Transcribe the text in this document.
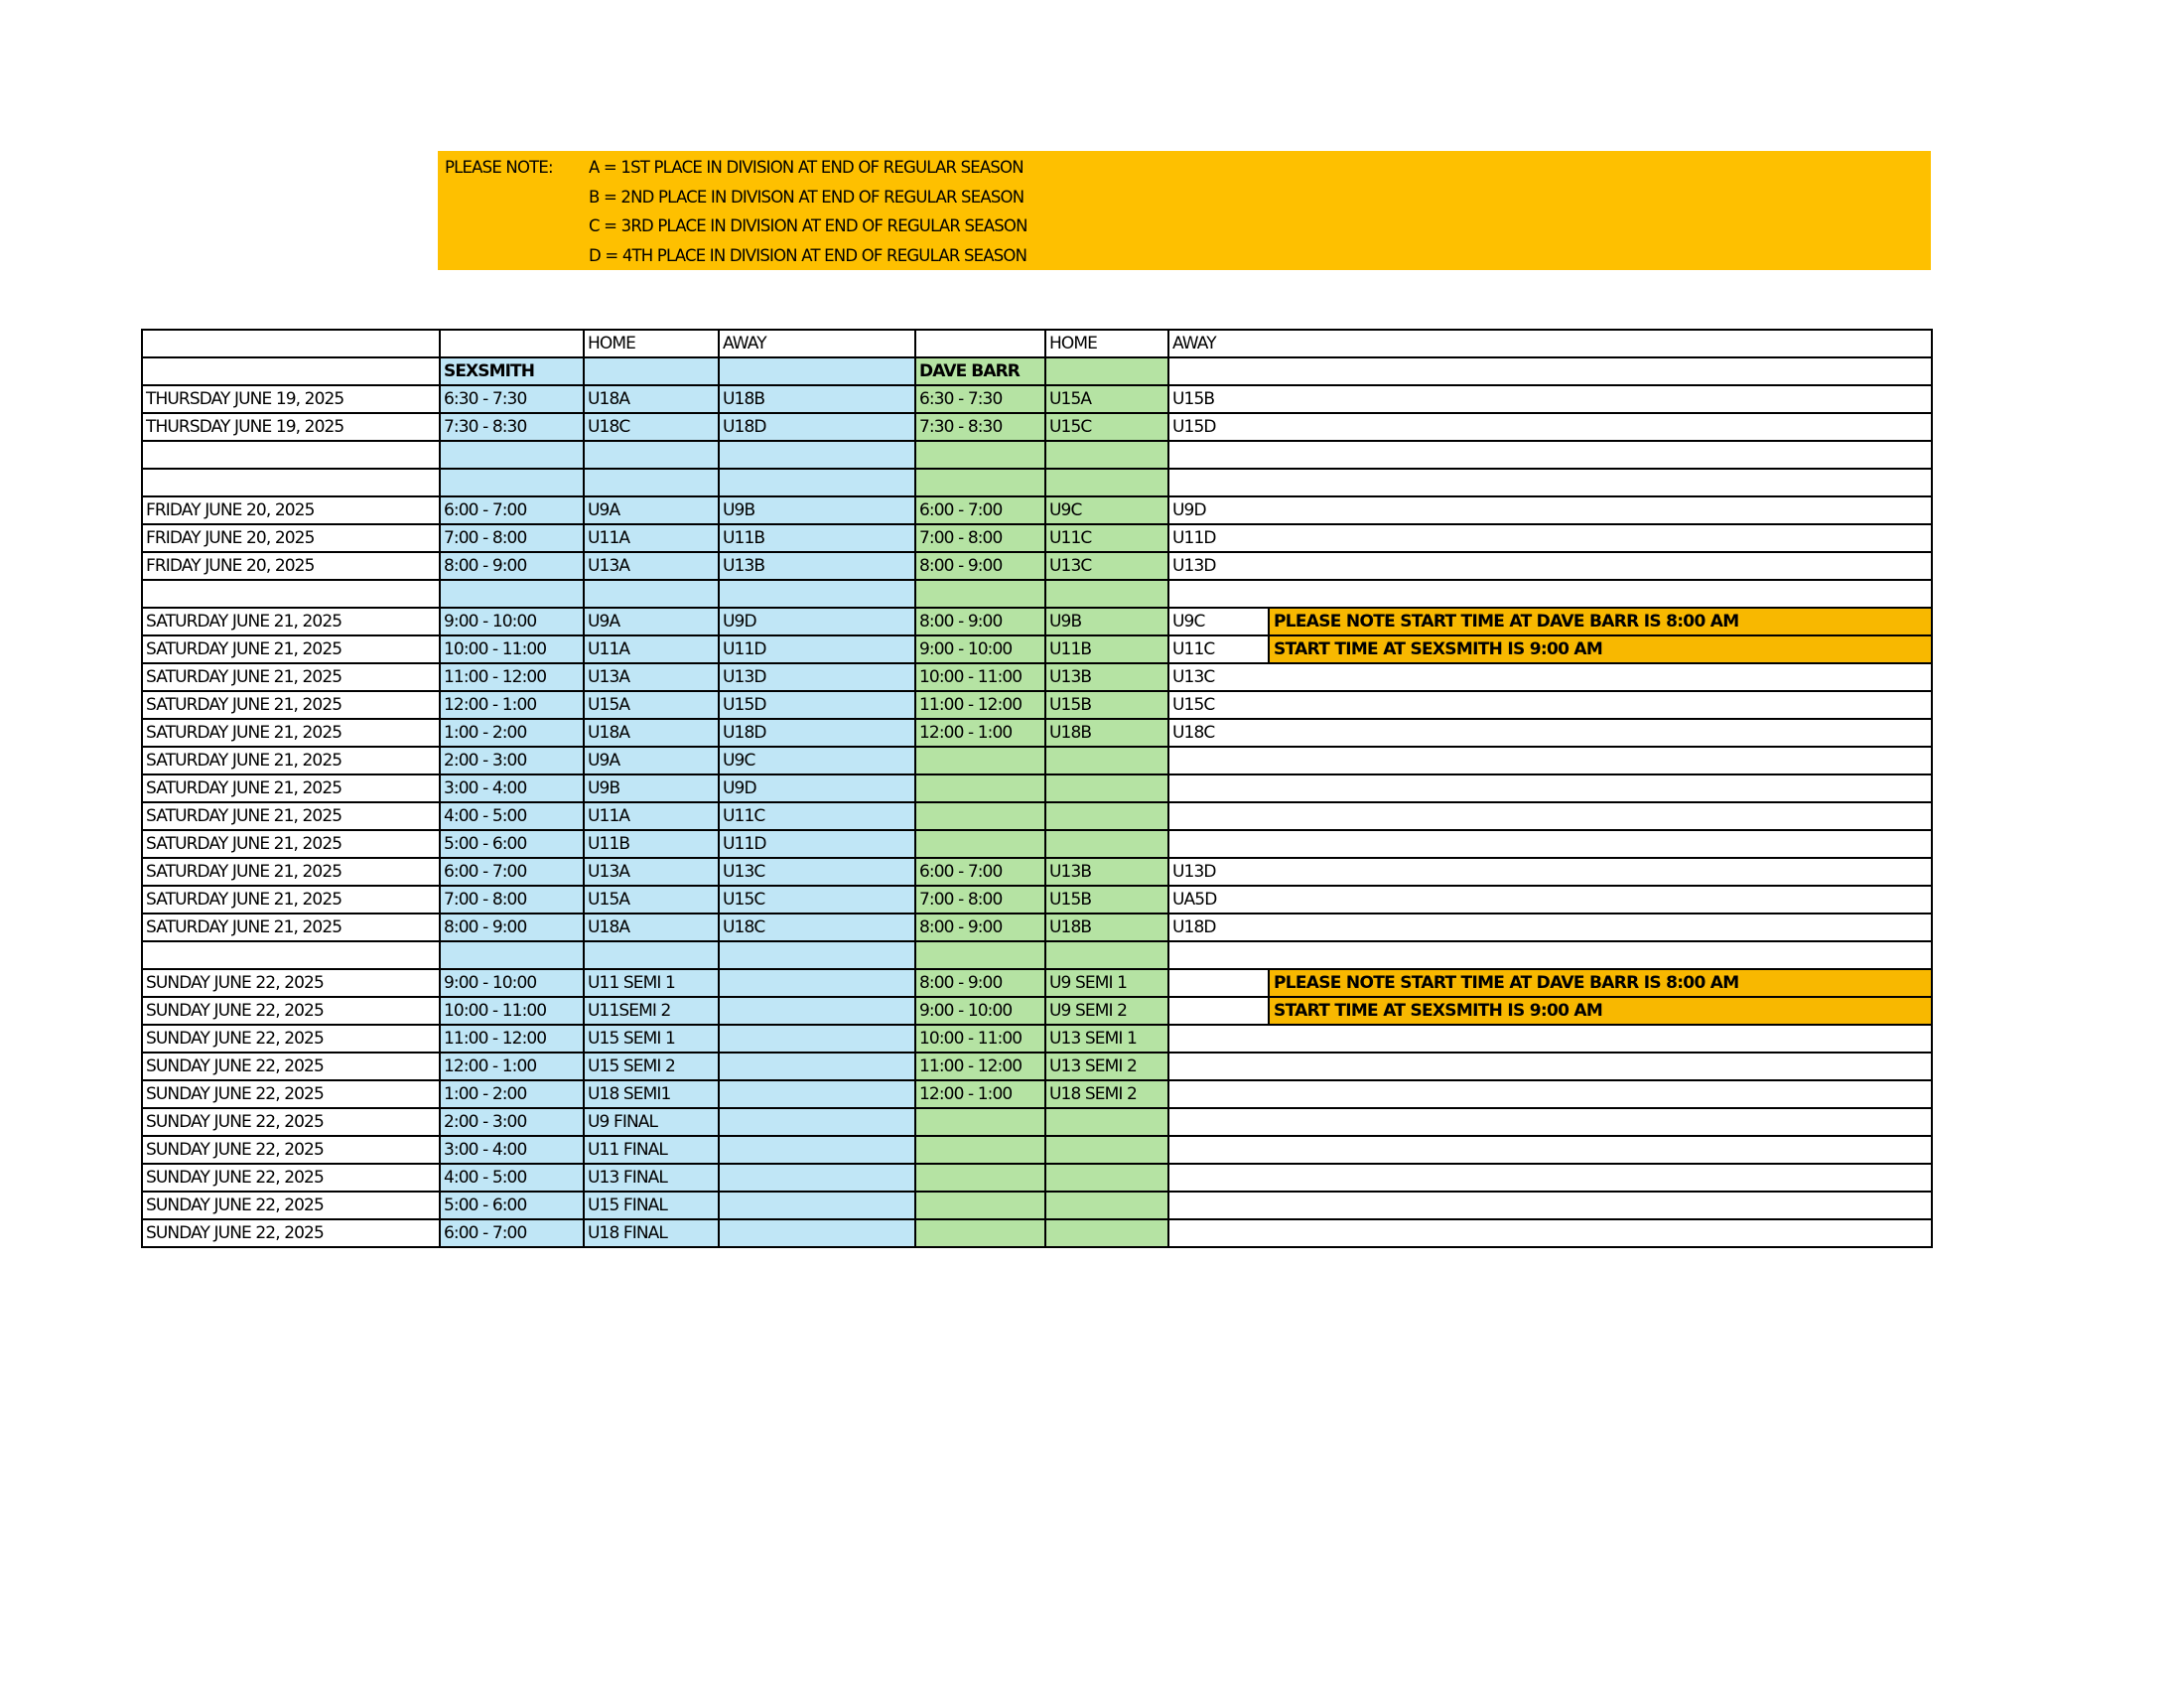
PLEASE NOTE:	A = 1ST PLACE IN DIVISION AT END OF REGULAR SEASON
B = 2ND PLACE IN DIVISON AT END OF REGULAR SEASON
C = 3RD PLACE IN DIVISION AT END OF REGULAR SEASON
D = 4TH PLACE IN DIVISION AT END OF REGULAR SEASON
		HOME	AWAY		HOME	AWAY
	SEXSMITH			DAVE BARR		
THURSDAY JUNE 19, 2025	6:30 - 7:30	U18A	U18B	6:30 - 7:30	U15A	U15B

THURSDAY JUNE 19, 2025	7:30 - 8:30	U18C	U18D	7:30 - 8:30	U15C	U15D

FRIDAY JUNE 20, 2025	6:00 - 7:00	U9A	U9B	6:00 - 7:00	U9C	U9D

FRIDAY JUNE 20, 2025	7:00 - 8:00	U11A	U11B	7:00 - 8:00	U11C	U11D

FRIDAY JUNE 20, 2025	8:00 - 9:00	U13A	U13B	8:00 - 9:00	U13C	U13D

SATURDAY JUNE 21, 2025	9:00 - 10:00	U9A	U9D	8:00 - 9:00	U9B	U9C PLEASE NOTE START TIME AT DAVE BARR IS 8:00 AM

SATURDAY JUNE 21, 2025	10:00 - 11:00	U11A	U11D	9:00 - 10:00	U11B	U11C START TIME AT SEXSMITH IS 9:00 AM

SATURDAY JUNE 21, 2025	11:00 - 12:00	U13A	U13D	10:00 - 11:00	U13B	U13C

SATURDAY JUNE 21, 2025	12:00 - 1:00	U15A	U15D	11:00 - 12:00	U15B	U15C

SATURDAY JUNE 21, 2025	1:00 - 2:00	U18A	U18D	12:00 - 1:00	U18B	U18C

SATURDAY JUNE 21, 2025	2:00 - 3:00	U9A	U9C			

SATURDAY JUNE 21, 2025	3:00 - 4:00	U9B	U9D			

SATURDAY JUNE 21, 2025	4:00 - 5:00	U11A	U11C			

SATURDAY JUNE 21, 2025	5:00 - 6:00	U11B	U11D			

SATURDAY JUNE 21, 2025	6:00 - 7:00	U13A	U13C	6:00 - 7:00	U13B	U13D

SATURDAY JUNE 21, 2025	7:00 - 8:00	U15A	U15C	7:00 - 8:00	U15B	UA5D

SATURDAY JUNE 21, 2025	8:00 - 9:00	U18A	U18C	8:00 - 9:00	U18B	U18D

SUNDAY JUNE 22, 2025	9:00 - 10:00	U11 SEMI 1		8:00 - 9:00	U9 SEMI 1	PLEASE NOTE START TIME AT DAVE BARR IS 8:00 AM

SUNDAY JUNE 22, 2025	10:00 - 11:00	U11SEMI 2		9:00 - 10:00	U9 SEMI 2	START TIME AT SEXSMITH IS 9:00 AM

SUNDAY JUNE 22, 2025	11:00 - 12:00	U15 SEMI 1		10:00 - 11:00	U13 SEMI 1	

SUNDAY JUNE 22, 2025	12:00 - 1:00	U15 SEMI 2		11:00 - 12:00	U13 SEMI 2	

SUNDAY JUNE 22, 2025	1:00 - 2:00	U18 SEMI1		12:00 - 1:00	U18 SEMI 2	

SUNDAY JUNE 22, 2025	2:00 - 3:00	U9 FINAL				

SUNDAY JUNE 22, 2025	3:00 - 4:00	U11 FINAL				

SUNDAY JUNE 22, 2025	4:00 - 5:00	U13 FINAL				

SUNDAY JUNE 22, 2025	5:00 - 6:00	U15 FINAL				

SUNDAY JUNE 22, 2025	6:00 - 7:00	U18 FINAL				
